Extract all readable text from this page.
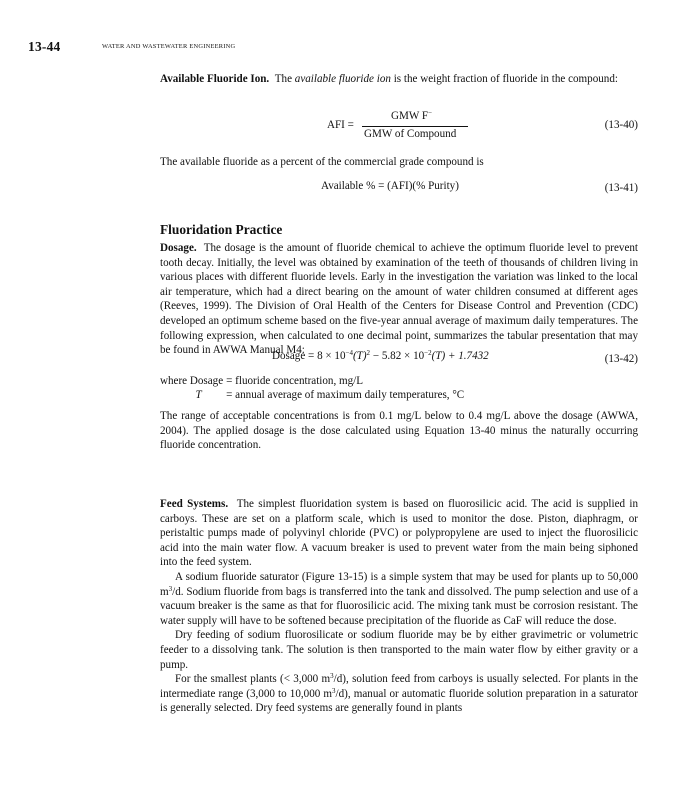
13-44	WATER AND WASTEWATER ENGINEERING

Available Fluoride Ion. The available fluoride ion is the weight fraction of fluoride in the compound:

AFI =
GMW F−
GMW of Compound
(13-40)

The available fluoride as a percent of the commercial grade compound is

Available % = (AFI)(% Purity)	(13-41)
Fluoridation Practice

Dosage. The dosage is the amount of fluoride chemical to achieve the optimum fluoride level to prevent tooth decay. Initially, the level was obtained by examination of the teeth of thousands of children living in various places with different fluoride levels. Early in the investigation the variation was linked to the local air temperature, which had a direct bearing on the amount of water children consumed at different ages (Reeves, 1999). The Division of Oral Health of the Centers for Disease Control and Prevention (CDC) developed an optimum scheme based on the five-year annual average of maximum daily temperatures. The following expression, when calculated to one decimal point, summarizes the tabular presentation that may be found in AWWA Manual M4:

Dosage = $8 \times 10^{-4}(T)^2 - 5.82 \times 10^{-2}(T) + 1.7432$	(13-42)
where Dosage	= fluoride concentration, mg/L
T	= annual average of maximum daily temperatures, °C

The range of acceptable concentrations is from 0.1 mg/L below to 0.4 mg/L above the dosage (AWWA, 2004). The applied dosage is the dose calculated using Equation 13-40 minus the naturally occurring fluoride concentration.

Feed Systems. The simplest fluoridation system is based on fluorosilicic acid. The acid is supplied in carboys. These are set on a platform scale, which is used to monitor the dose. Piston, diaphragm, or peristaltic pumps made of polyvinyl chloride (PVC) or polypropylene are used to inject the fluorosilicic acid into the main water flow. A vacuum breaker is used to prevent water from the main being siphoned into the feed system.

A sodium fluoride saturator (Figure 13-15) is a simple system that may be used for plants up to 50,000 $m^3/d$. Sodium fluoride from bags is transferred into the tank and dissolved. The pump selection and use of a vacuum breaker is the same as that for fluorosilicic acid. The mixing tank must be corrosion resistant. The water supply will have to be softened because precipitation of the fluoride as CaF will reduce the dose.

Dry feeding of sodium fluorosilicate or sodium fluoride may be by either gravimetric or volumetric feeder to a dissolving tank. The solution is then transported to the main water flow by either gravity or a pump.

For the smallest plants (< 3,000 $m^3/d$), solution feed from carboys is usually selected. For plants in the intermediate range (3,000 to 10,000 $m^3/d$), manual or automatic fluoride solution preparation in a saturator is generally selected. Dry feed systems are generally found in plants
